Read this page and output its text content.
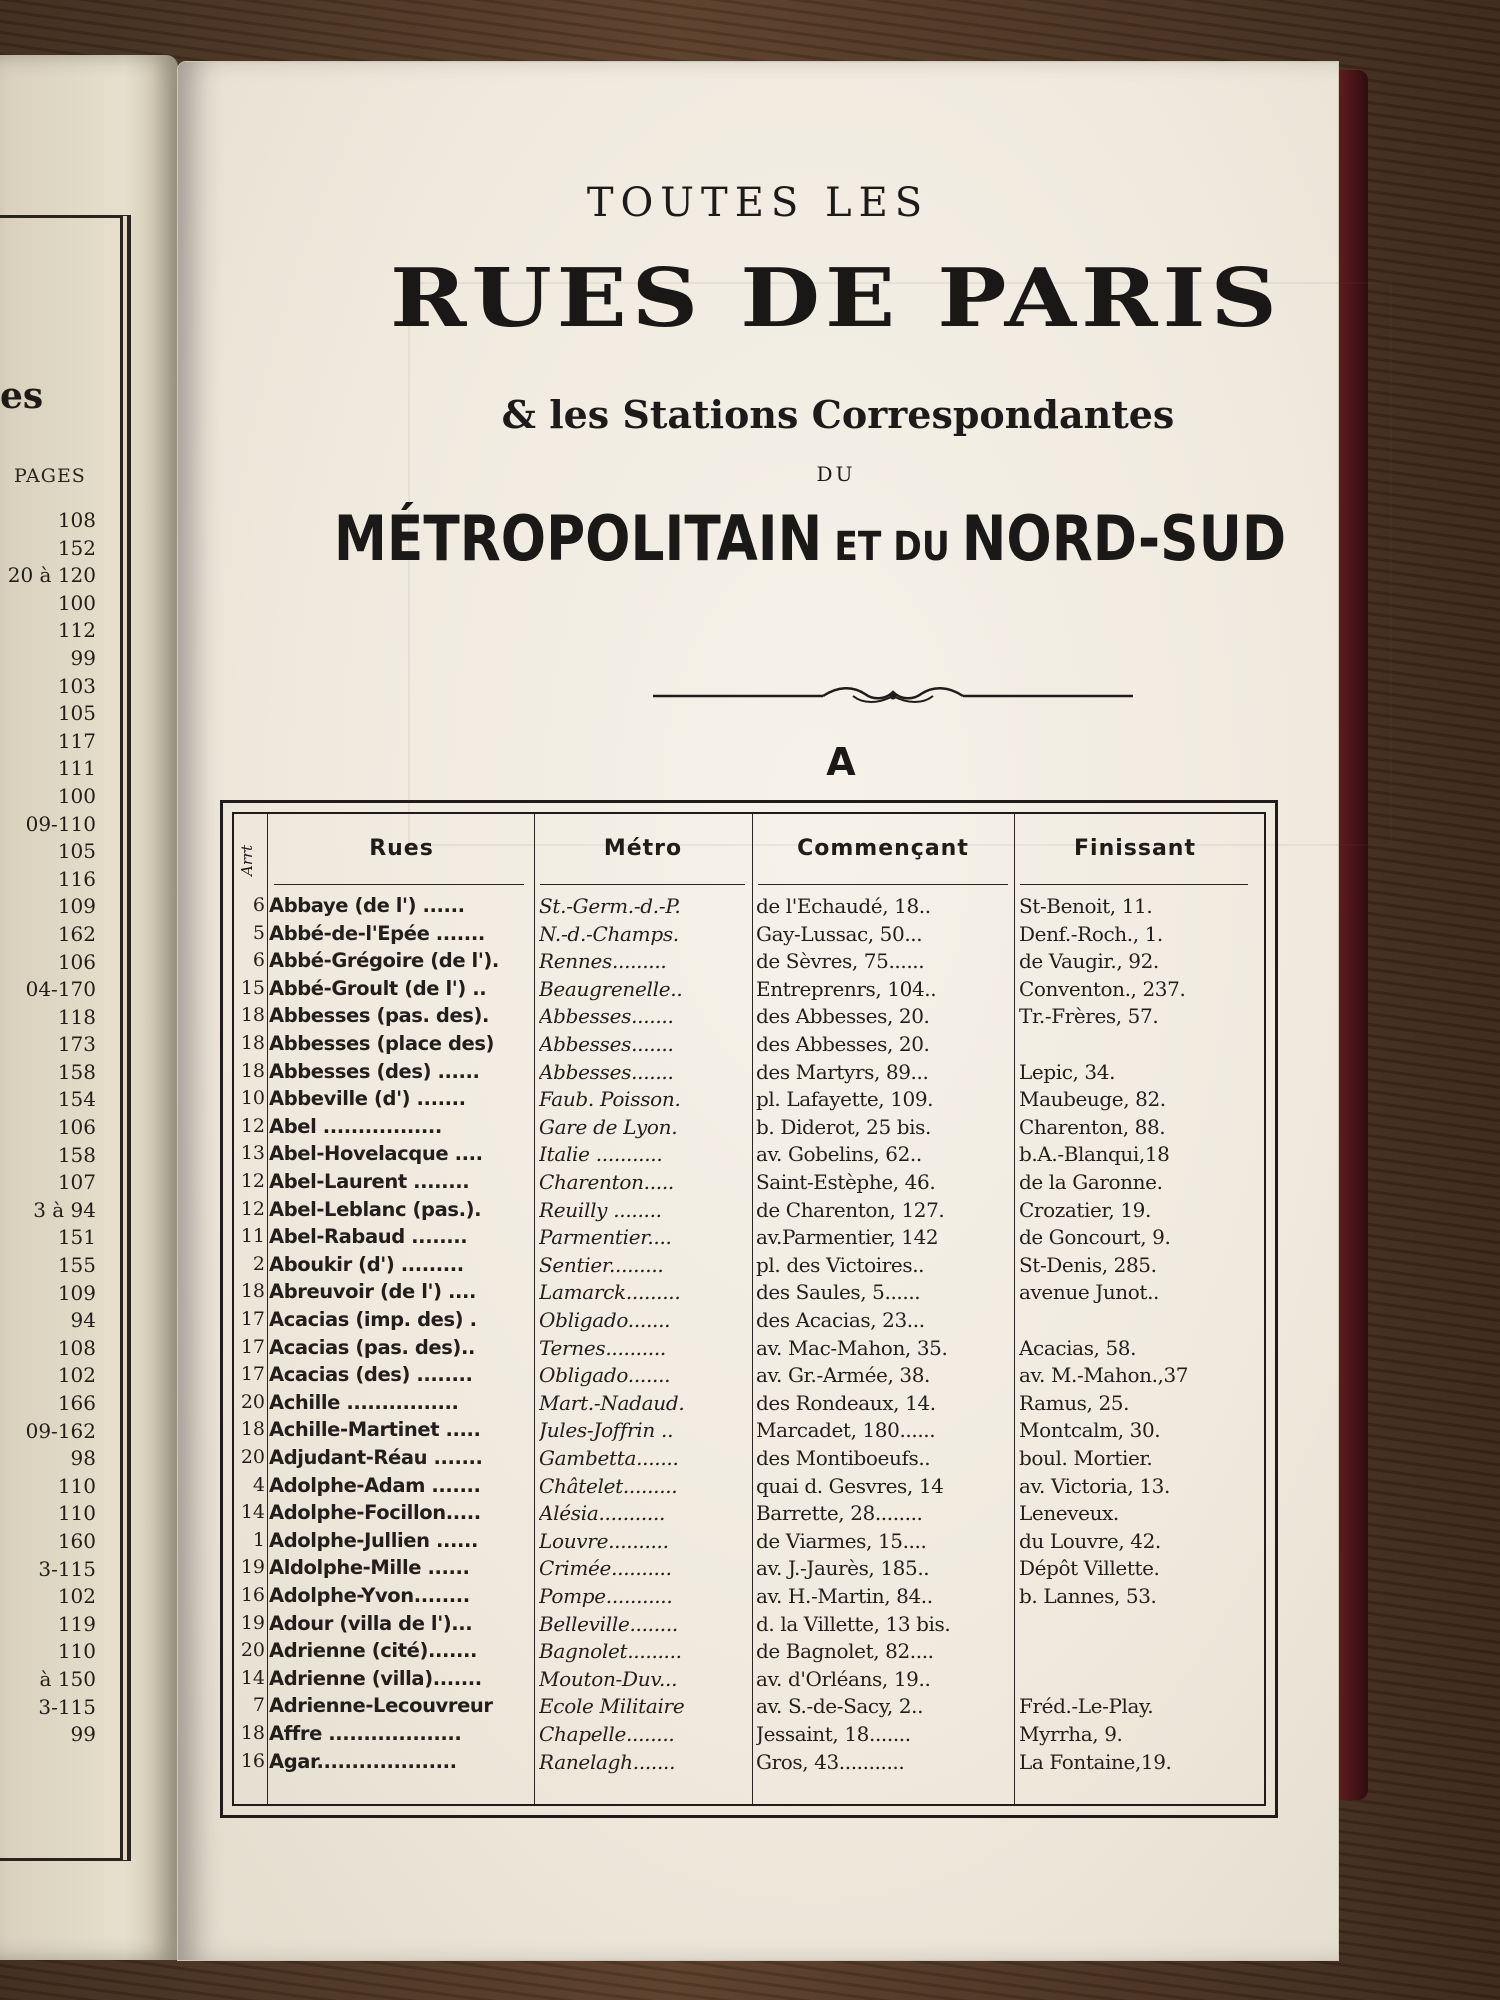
es
PAGES
108
152
20 à 120
100
112
99
103
105
117
111
100
09-110
105
116
109
162
106
04-170
118
173
158
154
106
158
107
3 à 94
151
155
109
94
108
102
166
09-162
98
110
110
160
3-115
102
119
110
à 150
3-115
99
TOUTES LES
RUES DE PARIS
& les Stations Correspondantes
DU
MÉTROPOLITAIN ET DU NORD-SUD
A
Arrt	Rues	Métro	Commençant	Finissant
6 Abbaye (de l') ......	St.-Germ.-d.-P.	de l'Echaudé, 18..	St-Benoit, 11.
5 Abbé-de-l'Epée .......	N.-d.-Champs.	Gay-Lussac, 50...	Denf.-Roch., 1.
6 Abbé-Grégoire (de l').	Rennes.........	de Sèvres, 75......	de Vaugir., 92.
15 Abbé-Groult (de l') ..	Beaugrenelle..	Entreprenrs, 104..	Conventon., 237.
18 Abbesses (pas. des).	Abbesses.......	des Abbesses, 20.	Tr.-Frères, 57.
18 Abbesses (place des)	Abbesses.......	des Abbesses, 20.
18 Abbesses (des) ......	Abbesses.......	des Martyrs, 89...	Lepic, 34.
10 Abbeville (d') .......	Faub. Poisson.	pl. Lafayette, 109.	Maubeuge, 82.
12 Abel .................	Gare de Lyon.	b. Diderot, 25 bis.	Charenton, 88.
13 Abel-Hovelacque ....	Italie ...........	av. Gobelins, 62..	b.A.-Blanqui,18
12 Abel-Laurent ........	Charenton.....	Saint-Estèphe, 46.	de la Garonne.
12 Abel-Leblanc (pas.).	Reuilly ........	de Charenton, 127.	Crozatier, 19.
11 Abel-Rabaud ........	Parmentier....	av.Parmentier, 142	de Goncourt, 9.
2 Aboukir (d') .........	Sentier.........	pl. des Victoires..	St-Denis, 285.
18 Abreuvoir (de l') ....	Lamarck.........	des Saules, 5......	avenue Junot..
17 Acacias (imp. des) .	Obligado.......	des Acacias, 23...
17 Acacias (pas. des)..	Ternes..........	av. Mac-Mahon, 35.	Acacias, 58.
17 Acacias (des) ........	Obligado.......	av. Gr.-Armée, 38.	av. M.-Mahon.,37
20 Achille ................	Mart.-Nadaud.	des Rondeaux, 14.	Ramus, 25.
18 Achille-Martinet .....	Jules-Joffrin ..	Marcadet, 180......	Montcalm, 30.
20 Adjudant-Réau .......	Gambetta.......	des Montiboeufs..	boul. Mortier.
4 Adolphe-Adam .......	Châtelet.........	quai d. Gesvres, 14	av. Victoria, 13.
14 Adolphe-Focillon.....	Alésia...........	Barrette, 28........	Leneveux.
1 Adolphe-Jullien ......	Louvre..........	de Viarmes, 15....	du Louvre, 42.
19 Aldolphe-Mille ......	Crimée..........	av. J.-Jaurès, 185..	Dépôt Villette.
16 Adolphe-Yvon........	Pompe...........	av. H.-Martin, 84..	b. Lannes, 53.
19 Adour (villa de l')...	Belleville........	d. la Villette, 13 bis.
20 Adrienne (cité).......	Bagnolet.........	de Bagnolet, 82....
14 Adrienne (villa).......	Mouton-Duv...	av. d'Orléans, 19..
7 Adrienne-Lecouvreur	Ecole Militaire	av. S.-de-Sacy, 2..	Fréd.-Le-Play.
18 Affre ...................	Chapelle........	Jessaint, 18.......	Myrrha, 9.
16 Agar....................	Ranelagh.......	Gros, 43...........	La Fontaine,19.
